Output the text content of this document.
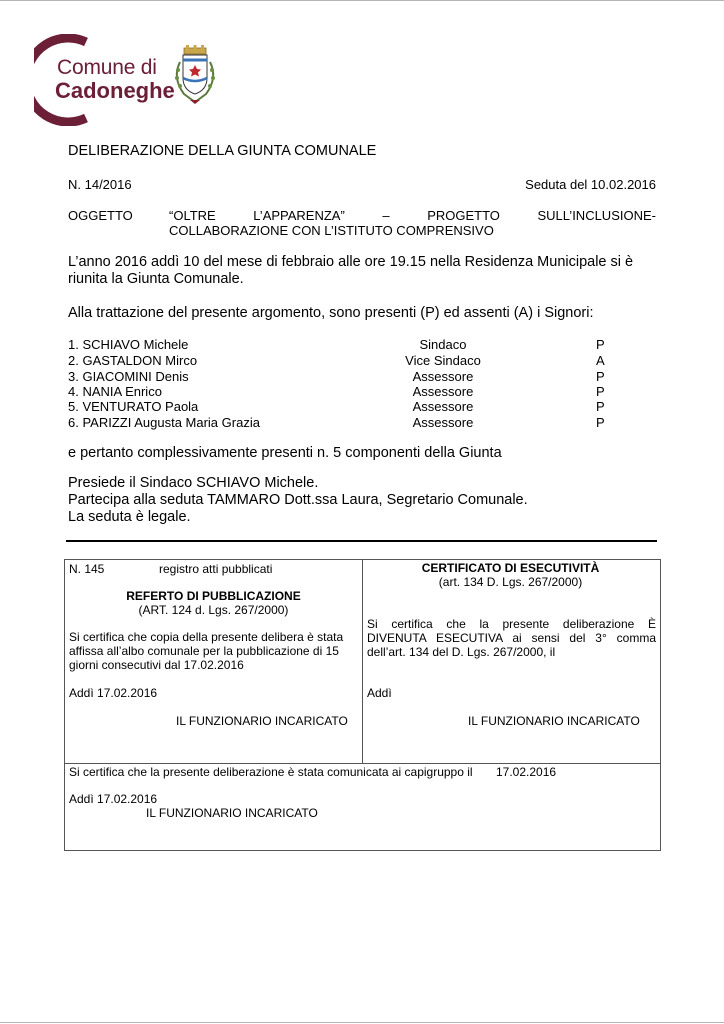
Comune di
Cadoneghe
DELIBERAZIONE DELLA GIUNTA COMUNALE
N. 14/2016	Seduta del 10.02.2016
OGGETTO	“OLTRE	L’APPARENZA”	–	PROGETTO	SULL’INCLUSIONE-
COLLABORAZIONE CON L’ISTITUTO COMPRENSIVO
L’anno 2016 addì 10 del mese di febbraio alle ore 19.15 nella Residenza Municipale si è
riunita la Giunta Comunale.
Alla trattazione del presente argomento, sono presenti (P) ed assenti (A) i Signori:
1. SCHIAVO Michele	Sindaco	P
2. GASTALDON Mirco	Vice Sindaco	A
3. GIACOMINI Denis	Assessore	P
4. NANIA Enrico	Assessore	P
5. VENTURATO Paola	Assessore	P
6. PARIZZI Augusta Maria Grazia	Assessore	P
e pertanto complessivamente presenti n. 5 componenti della Giunta
Presiede il Sindaco SCHIAVO Michele.
Partecipa alla seduta TAMMARO Dott.ssa Laura, Segretario Comunale.
La seduta è legale.
N. 145	registro atti pubblicati
REFERTO DI PUBBLICAZIONE
(ART. 124 d. Lgs. 267/2000)
Si certifica che copia della presente delibera è stata
affissa all’albo comunale per la pubblicazione di 15
giorni consecutivi dal 17.02.2016
Addì 17.02.2016
IL FUNZIONARIO INCARICATO
CERTIFICATO DI ESECUTIVITÀ
(art. 134 D. Lgs. 267/2000)
Si certifica che la presente deliberazione È
DIVENUTA ESECUTIVA ai sensi del 3° comma
dell’art. 134 del D. Lgs. 267/2000, il
Addì
IL FUNZIONARIO INCARICATO
Si certifica che la presente deliberazione è stata comunicata ai capigruppo il 17.02.2016
Addì 17.02.2016
IL FUNZIONARIO INCARICATO
